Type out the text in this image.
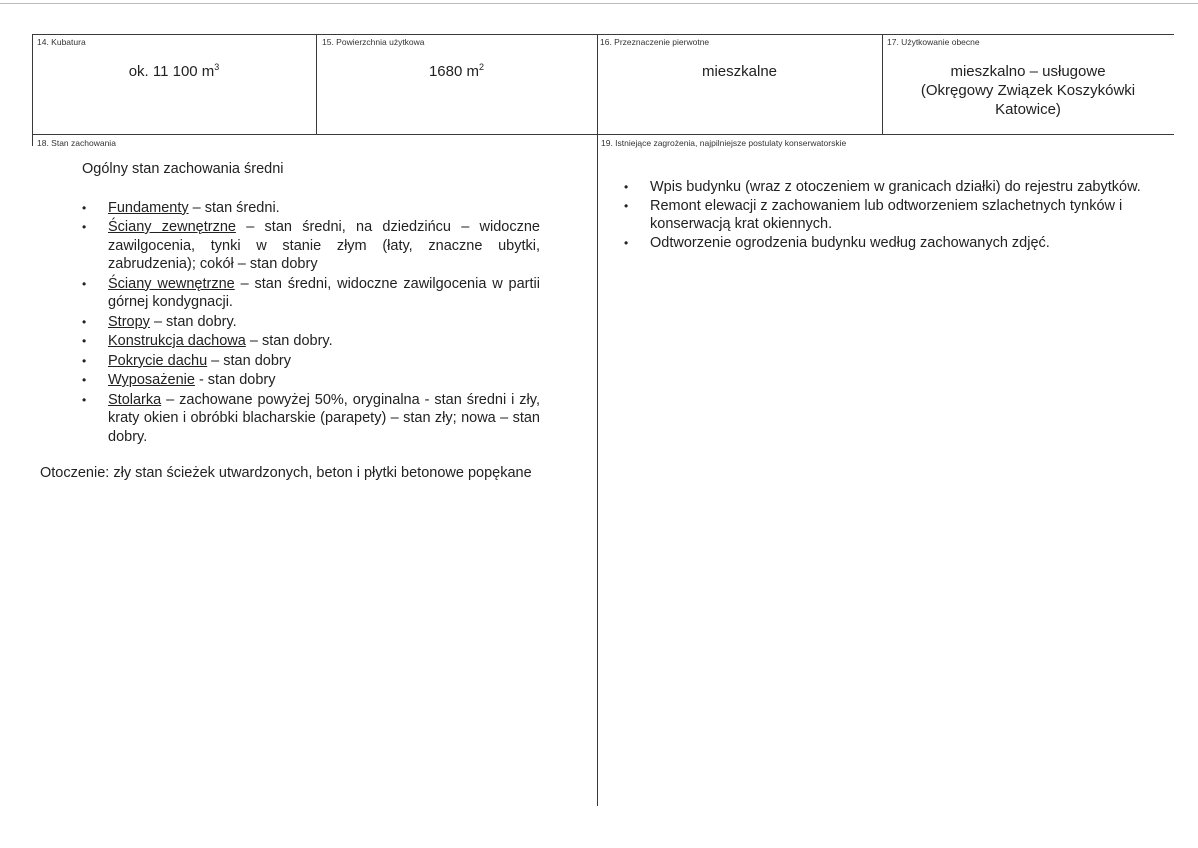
14. Kubatura
ok. 11 100 $m^3$
15. Powierzchnia użytkowa
1680 $m^2$
16. Przeznaczenie pierwotne
mieszkalne
17. Użytkowanie obecne
mieszkalno – usługowe
(Okręgowy Związek Koszykówki
Katowice)
18. Stan zachowania	19. Istniejące zagrożenia, najpilniejsze postulaty konserwatorskie
Ogólny stan zachowania średni
• Fundamenty – stan średni.
• Ściany zewnętrzne – stan średni, na dziedzińcu – widoczne zawilgocenia, tynki w stanie złym (łaty, znaczne ubytki, zabrudzenia); cokół – stan dobry
• Ściany wewnętrzne – stan średni, widoczne zawilgocenia w partii górnej kondygnacji.
• Stropy – stan dobry.
• Konstrukcja dachowa – stan dobry.
• Pokrycie dachu – stan dobry
• Wyposażenie - stan dobry
• Stolarka – zachowane powyżej 50%, oryginalna - stan średni i zły, kraty okien i obróbki blacharskie (parapety) – stan zły; nowa – stan dobry.
Otoczenie: zły stan ścieżek utwardzonych, beton i płytki betonowe popękane
• Wpis budynku (wraz z otoczeniem w granicach działki) do rejestru zabytków.
• Remont elewacji z zachowaniem lub odtworzeniem szlachetnych tynków i konserwacją krat okiennych.
• Odtworzenie ogrodzenia budynku według zachowanych zdjęć.
